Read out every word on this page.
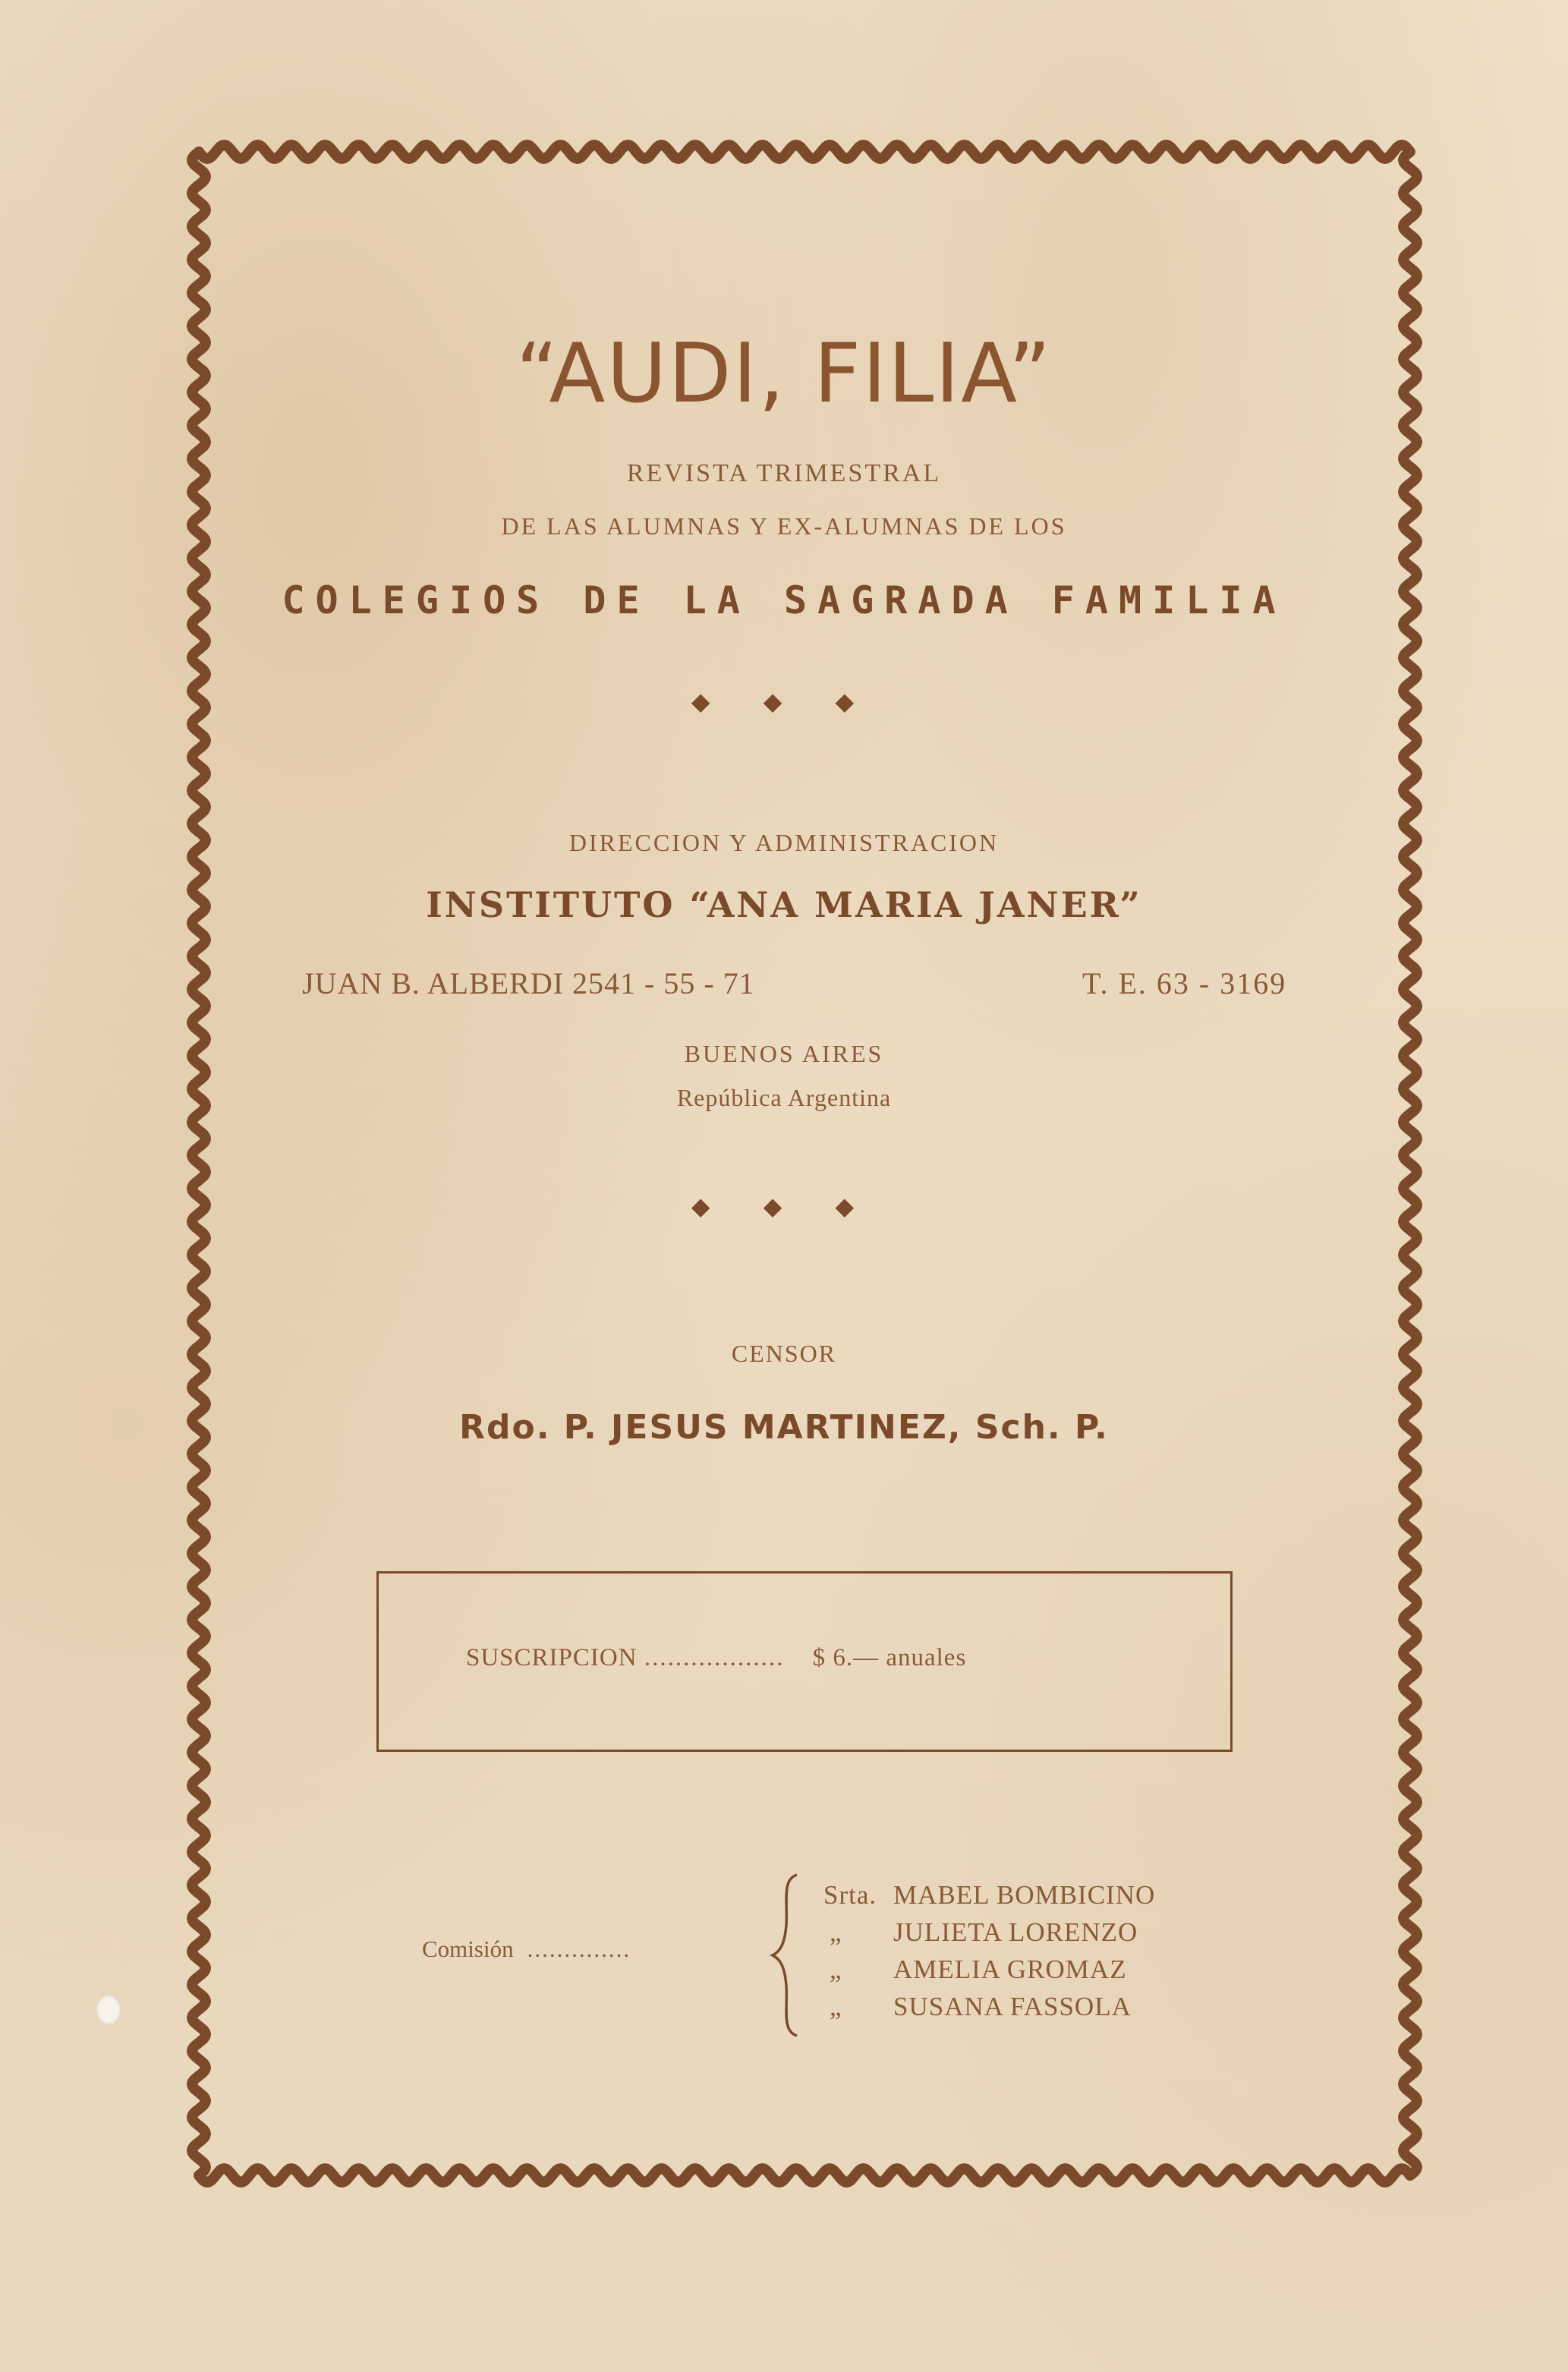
“AUDI, FILIA”
REVISTA TRIMESTRAL
DE LAS ALUMNAS Y EX-ALUMNAS DE LOS
COLEGIOS DE LA SAGRADA FAMILIA
◆ ◆ ◆
DIRECCION Y ADMINISTRACION
INSTITUTO “ANA MARIA JANER”
JUAN B. ALBERDI 2541 - 55 - 71	T. E. 63 - 3169
BUENOS AIRES
República Argentina
◆ ◆ ◆
CENSOR
Rdo. P. JESUS MARTINEZ, Sch. P.
SUSCRIPCION .................. $ 6.— anuales
Comisión ..............
Srta. MABEL BOMBICINO
„ JULIETA LORENZO
„ AMELIA GROMAZ
„ SUSANA FASSOLA
